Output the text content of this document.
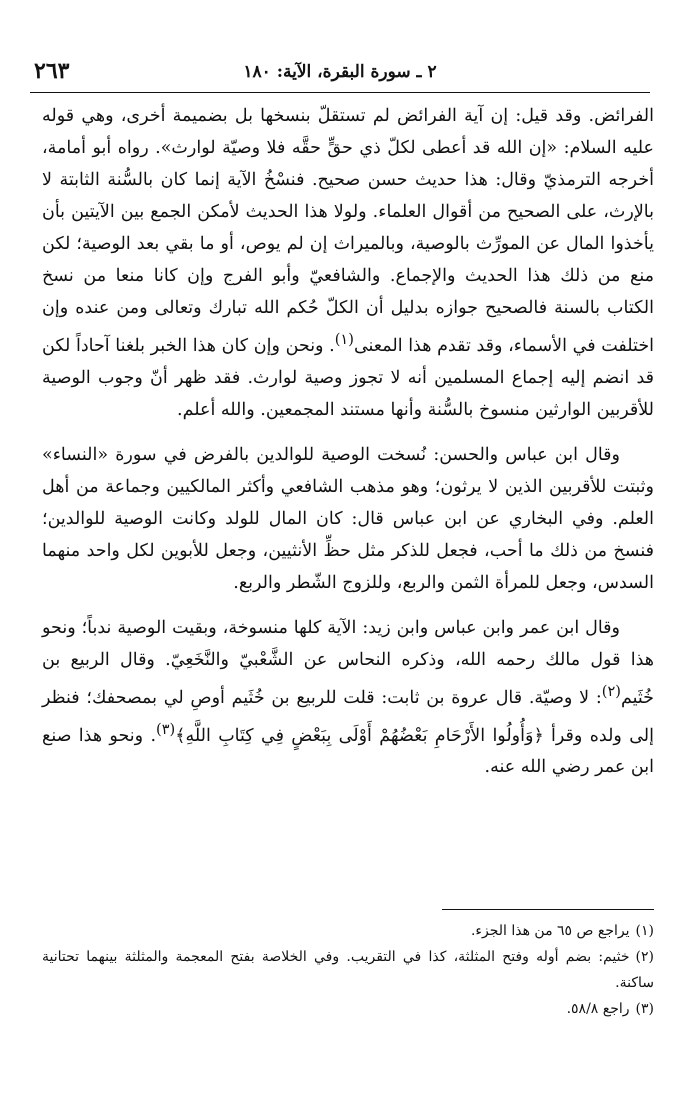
٢٦٣	٢ ـ سورة البقرة، الآية: ١٨٠

الفرائض. وقد قيل: إن آية الفرائض لم تستقلّ بنسخها بل بضميمة أخرى، وهي قوله عليه السلام: «إن الله قد أعطى لكلّ ذي حقٍّ حقَّه فلا وصيّة لوارث». رواه أبو أمامة، أخرجه الترمذيّ وقال: هذا حديث حسن صحيح. فنسْخُ الآية إنما كان بالسُّنة الثابتة لا بالإرث، على الصحيح من أقوال العلماء. ولولا هذا الحديث لأمكن الجمع بين الآيتين بأن يأخذوا المال عن المورِّث بالوصية، وبالميراث إن لم يوص، أو ما بقي بعد الوصية؛ لكن منع من ذلك هذا الحديث والإجماع. والشافعيّ وأبو الفرج وإن كانا منعا من نسخ الكتاب بالسنة فالصحيح جوازه بدليل أن الكلّ حُكم الله تبارك وتعالى ومن عنده وإن اختلفت في الأسماء، وقد تقدم هذا المعنى$^{(١)}$. ونحن وإن كان هذا الخبر بلغنا آحاداً لكن قد انضم إليه إجماع المسلمين أنه لا تجوز وصية لوارث. فقد ظهر أنّ وجوب الوصية للأقربين الوارثين منسوخ بالسُّنة وأنها مستند المجمعين. والله أعلم.

وقال ابن عباس والحسن: نُسخت الوصية للوالدين بالفرض في سورة «النساء» وثبتت للأقربين الذين لا يرثون؛ وهو مذهب الشافعي وأكثر المالكيين وجماعة من أهل العلم. وفي البخاري عن ابن عباس قال: كان المال للولد وكانت الوصية للوالدين؛ فنسخ من ذلك ما أحب، فجعل للذكر مثل حظِّ الأنثيين، وجعل للأبوين لكل واحد منهما السدس، وجعل للمرأة الثمن والربع، وللزوج الشّطر والربع.

وقال ابن عمر وابن عباس وابن زيد: الآية كلها منسوخة، وبقيت الوصية ندباً؛ ونحو هذا قول مالك رحمه الله، وذكره النحاس عن الشَّعْبيّ والنَّخَعِيّ. وقال الربيع بن خُثَيم$^{(٢)}$: لا وصيّة. قال عروة بن ثابت: قلت للربيع بن خُثَيم أوصِ لي بمصحفك؛ فنظر إلى ولده وقرأ ﴿وَأُولُوا الأَرْحَامِ بَعْضُهُمْ أَوْلَى بِبَعْضٍ فِي كِتَابِ اللَّهِ﴾$^{(٣)}$. ونحو هذا صنع ابن عمر رضي الله عنه.

(١)يراجع ص ٦٥ من هذا الجزء.
(٢)خثيم: بضم أوله وفتح المثلثة، كذا في التقريب. وفي الخلاصة بفتح المعجمة والمثلثة بينهما تحتانية ساكنة.
(٣)راجع ٥٨/٨.
